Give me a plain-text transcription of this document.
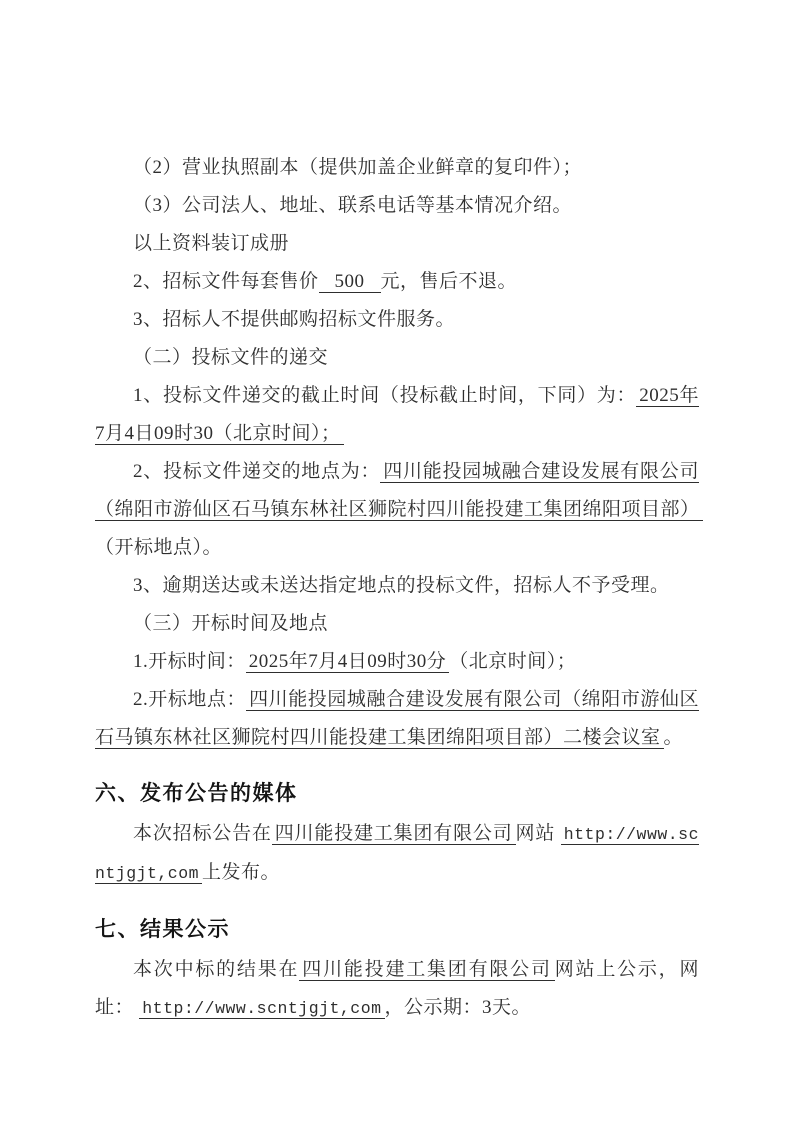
（2）营业执照副本（提供加盖企业鲜章的复印件）；

（3）公司法人、地址、联系电话等基本情况介绍。

以上资料装订成册

2、招标文件每套售价 500 元，售后不退。

3、招标人不提供邮购招标文件服务。

（二）投标文件的递交

1、投标文件递交的截止时间（投标截止时间，下同）为： 2025年7月4日09时30（北京时间）；

2、投标文件递交的地点为： 四川能投园城融合建设发展有限公司（绵阳市游仙区石马镇东林社区狮院村四川能投建工集团绵阳项目部）（开标地点）。

3、逾期送达或未送达指定地点的投标文件，招标人不予受理。

（三）开标时间及地点

1.开标时间： 2025年7月4日09时30分 （北京时间）；

2.开标地点： 四川能投园城融合建设发展有限公司（绵阳市游仙区石马镇东林社区狮院村四川能投建工集团绵阳项目部）二楼会议室 。

六、发布公告的媒体

本次招标公告在 四川能投建工集团有限公司 网站 http://www.scntjgjt,com 上发布。

七、结果公示

本次中标的结果在 四川能投建工集团有限公司 网站上公示，网址： http://www.scntjgjt,com ，公示期：3天。
